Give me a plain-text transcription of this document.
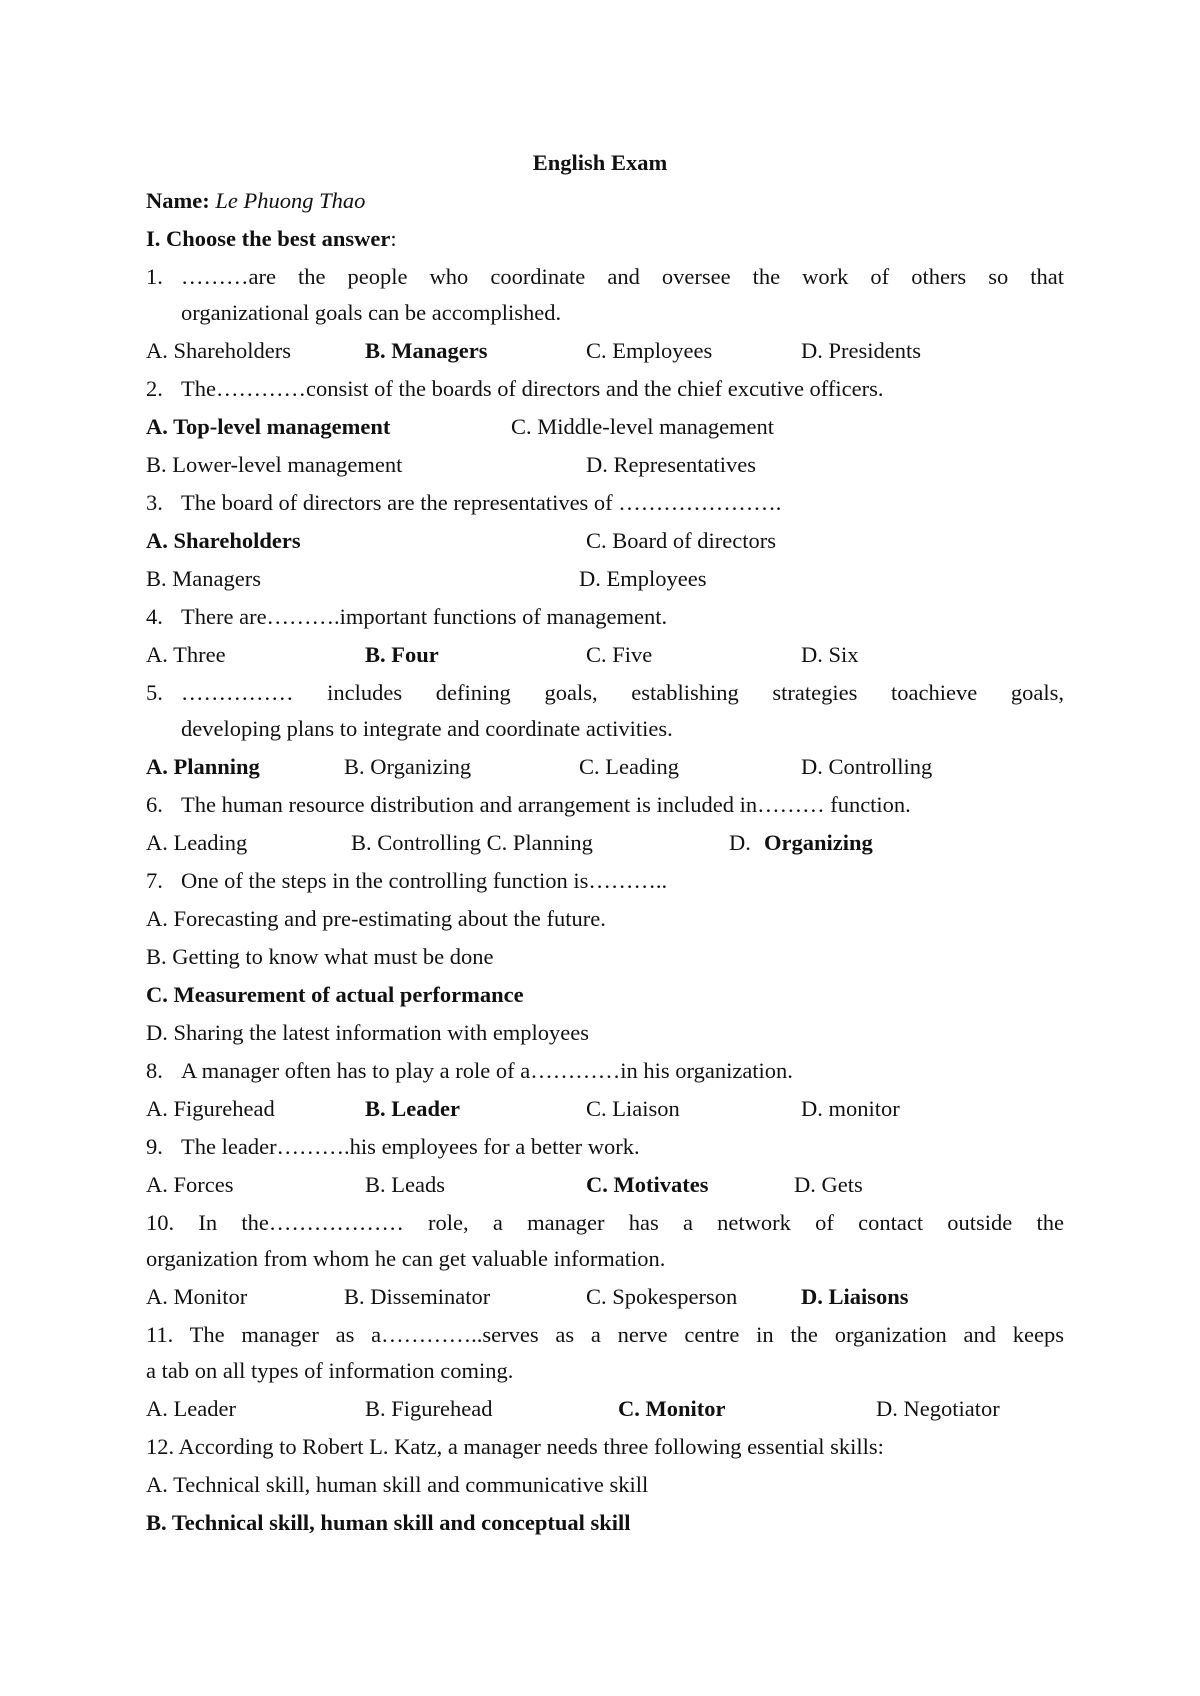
English Exam
Name: Le Phuong Thao
I. Choose the best answer:
1. ………are the people who coordinate and oversee the work of others so that
organizational goals can be accomplished.
A. Shareholders	B. Managers	C. Employees	D. Presidents
2. The…………consist of the boards of directors and the chief excutive officers.
A. Top-level management	C. Middle-level management
B. Lower-level management	D. Representatives
3. The board of directors are the representatives of ………………….
A. Shareholders	C. Board of directors
B. Managers	D. Employees
4. There are……….important functions of management.
A. Three	B. Four	C. Five	D. Six
5. …………… includes defining goals, establishing strategies toachieve goals,
developing plans to integrate and coordinate activities.
A. Planning	B. Organizing	C. Leading	D. Controlling
6. The human resource distribution and arrangement is included in……… function.
A. Leading	B. Controlling C. Planning	D. Organizing
7. One of the steps in the controlling function is………..
A. Forecasting and pre-estimating about the future.
B. Getting to know what must be done
C. Measurement of actual performance
D. Sharing the latest information with employees
8. A manager often has to play a role of a…………in his organization.
A. Figurehead	B. Leader	C. Liaison	D. monitor
9. The leader……….his employees for a better work.
A. Forces	B. Leads	C. Motivates	D. Gets
10. In the……………… role, a manager has a network of contact outside the
organization from whom he can get valuable information.
A. Monitor	B. Disseminator	C. Spokesperson	D. Liaisons
11. The manager as a…………..serves as a nerve centre in the organization and keeps
a tab on all types of information coming.
A. Leader	B. Figurehead	C. Monitor	D. Negotiator
12. According to Robert L. Katz, a manager needs three following essential skills:
A. Technical skill, human skill and communicative skill
B. Technical skill, human skill and conceptual skill
